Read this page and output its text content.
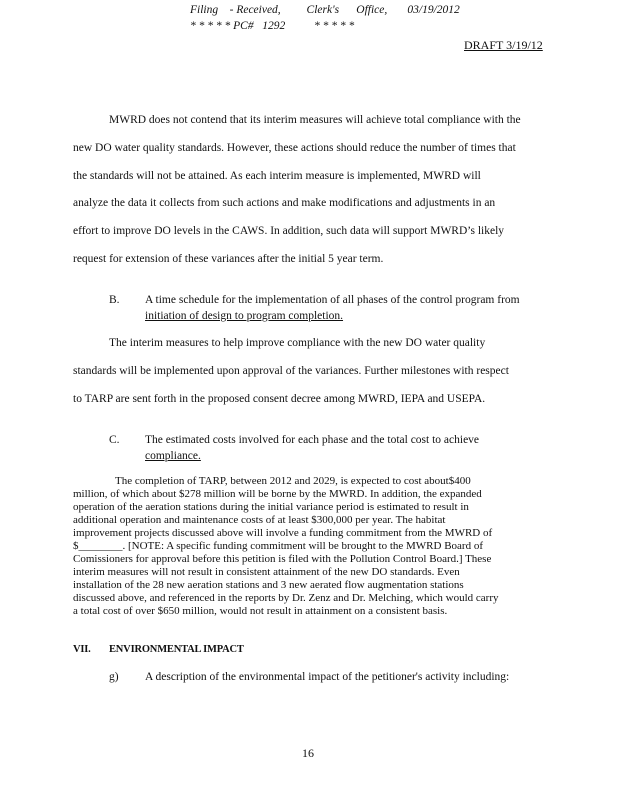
Filing    - Received,         Clerk's      Office,       03/19/2012
* * * * * PC#   1292          * * * * *
DRAFT 3/19/12
MWRD does not contend that its interim measures will achieve total compliance with the
new DO water quality standards. However, these actions should reduce the number of times that
the standards will not be attained. As each interim measure is implemented, MWRD will
analyze the data it collects from such actions and make modifications and adjustments in an
effort to improve DO levels in the CAWS. In addition, such data will support MWRD’s likely
request for extension of these variances after the initial 5 year term.
B. A time schedule for the implementation of all phases of the control program from
initiation of design to program completion.
The interim measures to help improve compliance with the new DO water quality
standards will be implemented upon approval of the variances. Further milestones with respect
to TARP are sent forth in the proposed consent decree among MWRD, IEPA and USEPA.
C. The estimated costs involved for each phase and the total cost to achieve
compliance.
The completion of TARP, between 2012 and 2029, is expected to cost about$400
million, of which about $278 million will be borne by the MWRD. In addition, the expanded
operation of the aeration stations during the initial variance period is estimated to result in
additional operation and maintenance costs of at least $300,000 per year. The habitat
improvement projects discussed above will involve a funding commitment from the MWRD of
$________. [NOTE: A specific funding commitment will be brought to the MWRD Board of
Comissioners for approval before this petition is filed with the Pollution Control Board.] These
interim measures will not result in consistent attainment of the new DO standards. Even
installation of the 28 new aeration stations and 3 new aerated flow augmentation stations
discussed above, and referenced in the reports by Dr. Zenz and Dr. Melching, which would carry
a total cost of over $650 million, would not result in attainment on a consistent basis.
VII. ENVIRONMENTAL IMPACT
g) A description of the environmental impact of the petitioner's activity including:
16
